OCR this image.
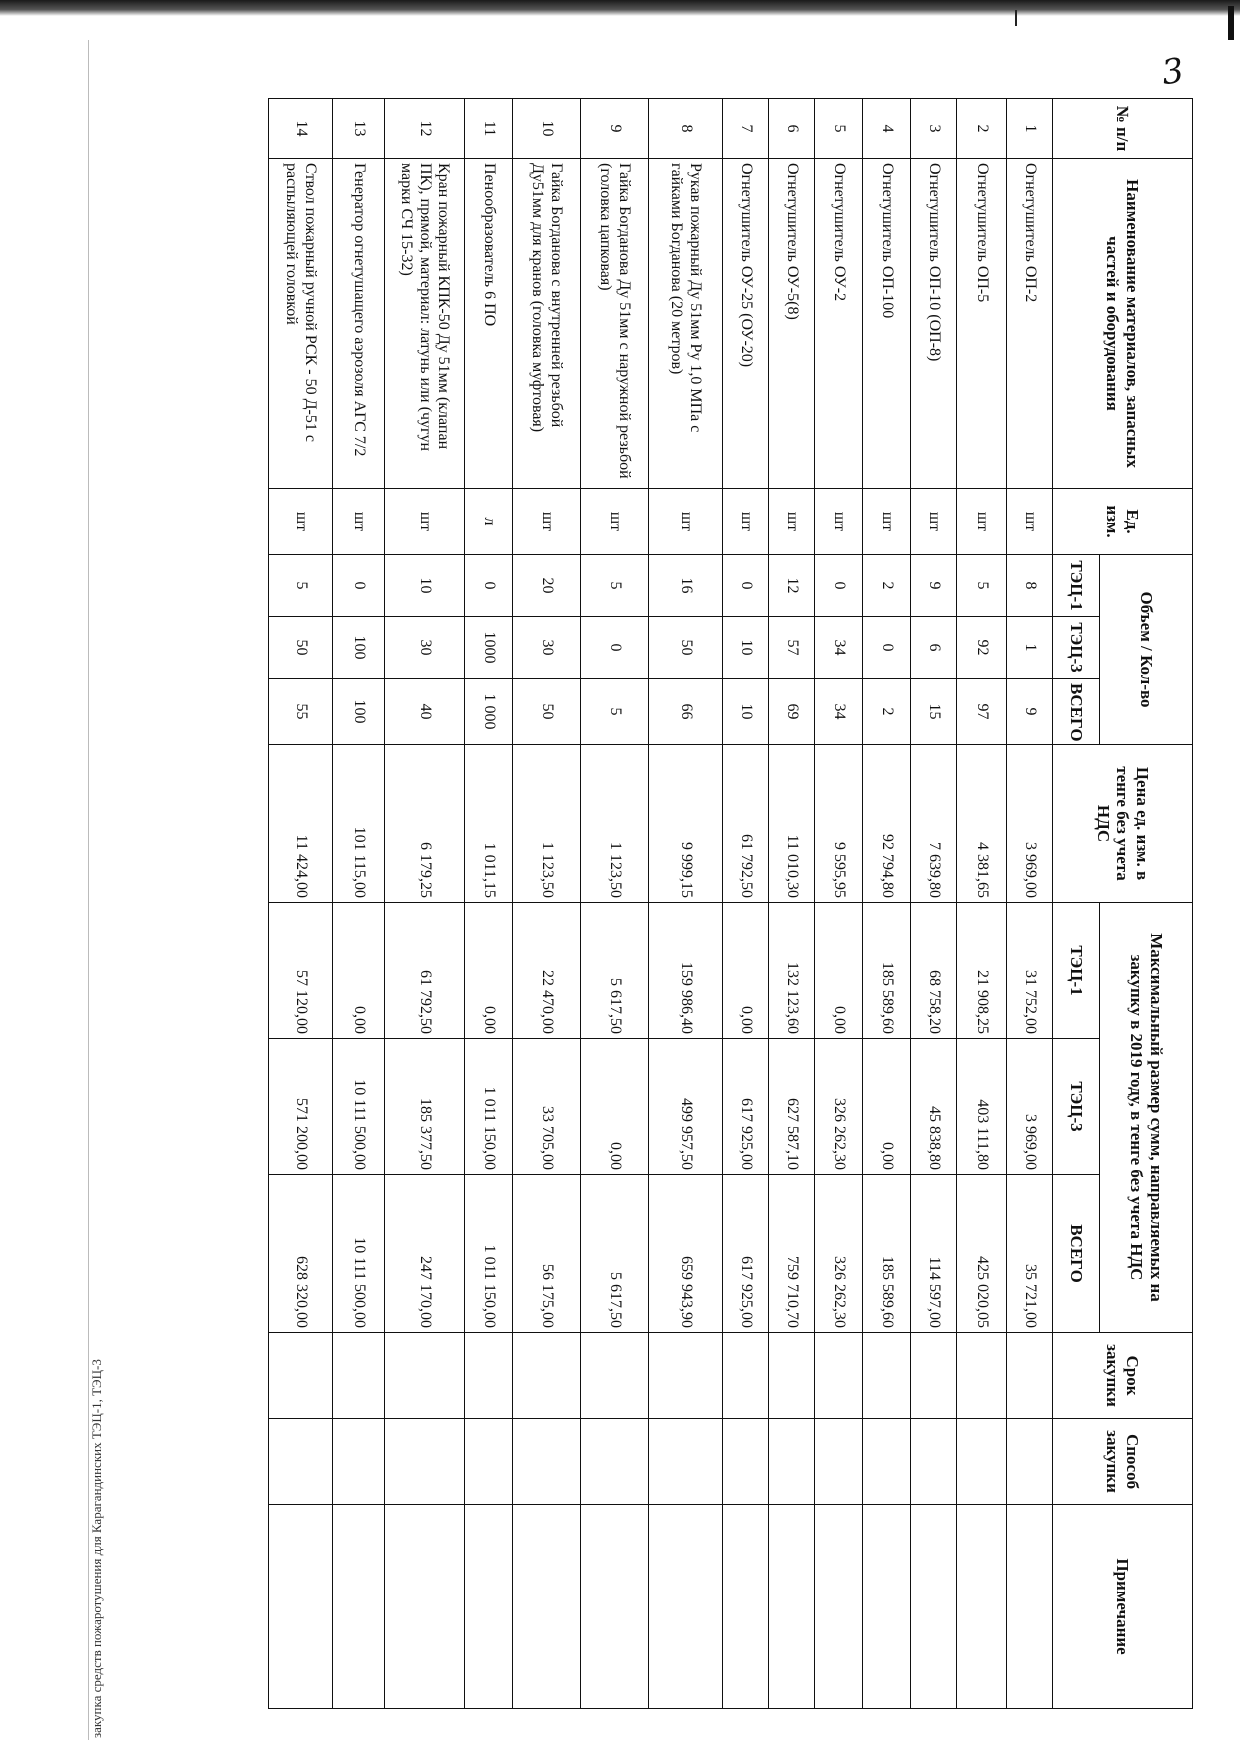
3
закупка средств пожаротушения для Карагандинских ТЭЦ-1, ТЭЦ-3
№ п/п	Наименование материалов, запасных частей и оборудования	Ед. изм.	Объем / Кол-во			Цена ед. изм. в тенге без учета НДС	Максимальный размер сумм, направляемых на закупку в 2019 году, в тенге без учета НДС			Срок закупки	Способ закупки	Примечание
			ТЭЦ-1	ТЭЦ-3	ВСЕГО		ТЭЦ-1	ТЭЦ-3	ВСЕГО			
1	Огнетушитель ОП-2	шт	8	1	9	3 969,00	31 752,00	3 969,00	35 721,00			
2	Огнетушитель ОП-5	шт	5	92	97	4 381,65	21 908,25	403 111,80	425 020,05			
3	Огнетушитель ОП-10 (ОП-8)	шт	9	6	15	7 639,80	68 758,20	45 838,80	114 597,00			
4	Огнетушитель ОП-100	шт	2	0	2	92 794,80	185 589,60	0,00	185 589,60			
5	Огнетушитель ОУ-2	шт	0	34	34	9 595,95	0,00	326 262,30	326 262,30			
6	Огнетушитель ОУ-5(8)	шт	12	57	69	11 010,30	132 123,60	627 587,10	759 710,70			
7	Огнетушитель ОУ-25 (ОУ-20)	шт	0	10	10	61 792,50	0,00	617 925,00	617 925,00			
8	Рукав пожарный Ду 51мм Ру 1,0 МПа с гайками Богданова (20 метров)	шт	16	50	66	9 999,15	159 986,40	499 957,50	659 943,90			
9	Гайка Богданова Ду 51мм с наружной резьбой (головка цапковая)	шт	5	0	5	1 123,50	5 617,50	0,00	5 617,50			
10	Гайка Богданова с внутренней резьбой Ду51мм для кранов (головка муфтовая)	шт	20	30	50	1 123,50	22 470,00	33 705,00	56 175,00			
11	Пенообразователь 6 ПО	л	0	1000	1 000	1 011,15	0,00	1 011 150,00	1 011 150,00			
12	Кран пожарный КПК-50 Ду 51мм (клапан ПК), прямой, материал: латунь или (чугун марки СЧ 15-32)	шт	10	30	40	6 179,25	61 792,50	185 377,50	247 170,00			
13	Генератор огнетушащего аэрозоля АГС 7/2	шт	0	100	100	101 115,00	0,00	10 111 500,00	10 111 500,00			
14	Ствол пожарный ручной РСК - 50 Д-51 с распыляющей головкой	шт	5	50	55	11 424,00	57 120,00	571 200,00	628 320,00			
